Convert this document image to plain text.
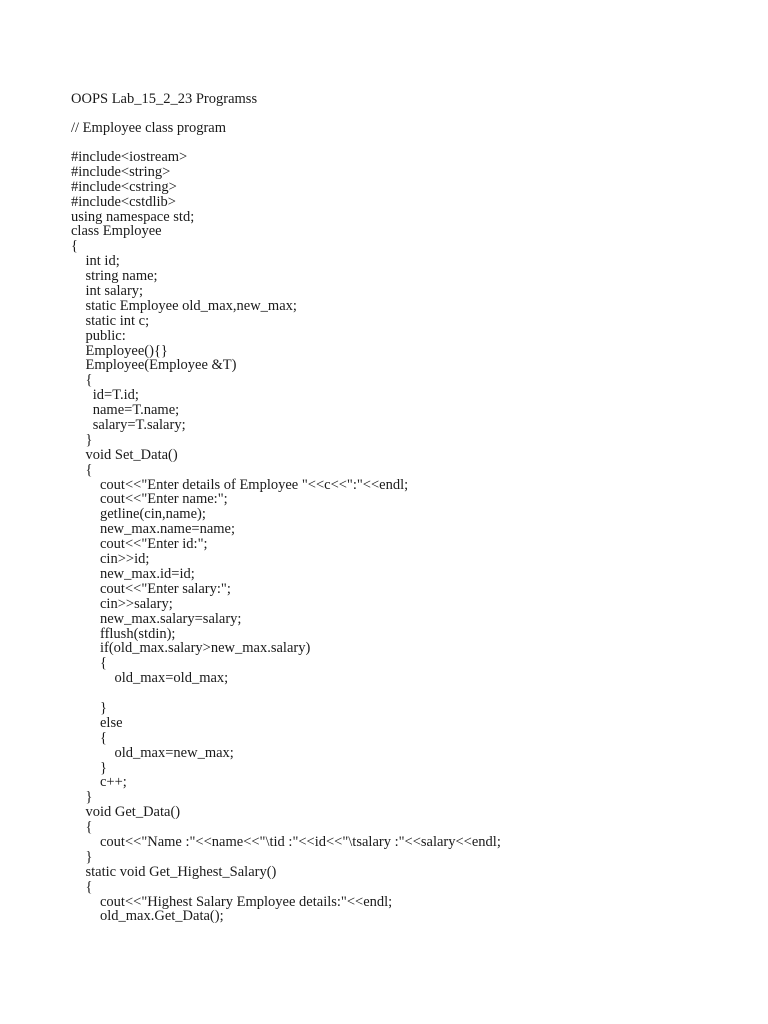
OOPS Lab_15_2_23 Programss
// Employee class program
#include<iostream>
#include<string>
#include<cstring>
#include<cstdlib>
using namespace std;
class Employee
{
int id;
string name;
int salary;
static Employee old_max,new_max;
static int c;
public:
Employee(){}
Employee(Employee &T)
{
id=T.id;
name=T.name;
salary=T.salary;
}
void Set_Data()
{
cout<<"Enter details of Employee "<<c<<":"<<endl;
cout<<"Enter name:";
getline(cin,name);
new_max.name=name;
cout<<"Enter id:";
cin>>id;
new_max.id=id;
cout<<"Enter salary:";
cin>>salary;
new_max.salary=salary;
fflush(stdin);
if(old_max.salary>new_max.salary)
{
old_max=old_max;
}
else
{
old_max=new_max;
}
c++;
}
void Get_Data()
{
cout<<"Name :"<<name<<"\tid :"<<id<<"\tsalary :"<<salary<<endl;
}
static void Get_Highest_Salary()
{
cout<<"Highest Salary Employee details:"<<endl;
old_max.Get_Data();
